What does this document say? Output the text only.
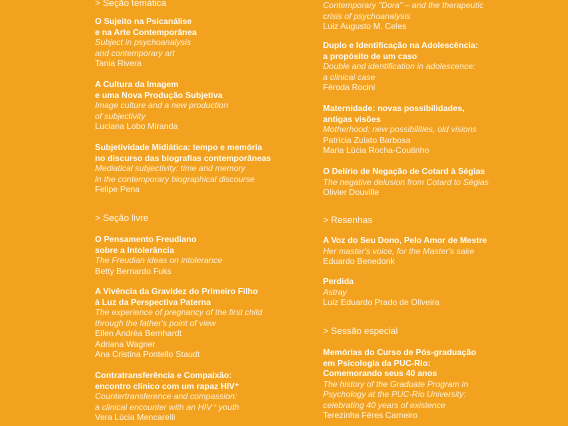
> Seção temática

O Sujeito na Psicanálise
e na Arte Contemporânea
Subject in psychoanalysis
and contemporary art
Tania Rivera
A Cultura da Imagem
e uma Nova Produção Subjetiva
Image culture and a new production
of subjectivity
Luciana Lobo Miranda
Subjetividade Midiática: tempo e memória
no discurso das biografias contemporâneas
Mediatical subjectivity: time and memory
in the contemporary biographical discourse
Felipe Pena

> Seção livre

O Pensamento Freudiano
sobre a Intolerância
The Freudian ideas on intolerance
Betty Bernardo Fuks
A Vivência da Gravidez do Primeiro Filho
à Luz da Perspectiva Paterna
The experience of pregnancy of the first child
through the father's point of view
Ellen Andréa Bernhardt
Adriana Wagner
Ana Cristina Pontello Staudt
Contratransferência e Compaixão:
encontro clínico com um rapaz HIV⁺
Countertransference and compassion:
a clinical encounter with an HIV⁺ youth
Vera Lúcia Mencarelli
Contemporary "Dora" – and the therapeutic
crisis of psychoanalysis
Luiz Augusto M. Celes
Duplo e Identificação na Adolescência:
a propósito de um caso
Double and identification in adolescence:
a clinical case
Féroda Rocini
Maternidade: novas possibilidades,
antigas visões
Motherhood: new possibilities, old visions
Patrícia Zulato Barbosa
Maria Lúcia Rocha-Coutinho
O Delírio de Negação de Cotard à Ségias
The negative delusion from Cotard to Ségias
Olivier Douville

> Resenhas

A Voz do Seu Dono, Pelo Amor de Mestre
Her master's voice, for the Master's sake
Eduardo Benedonk
Perdida
Astray
Luiz Eduardo Prado de Oliveira

> Sessão especial

Memórias do Curso de Pós-graduação
em Psicologia da PUC-Rio:
Comemorando seus 40 anos
The history of the Graduate Program in
Psychology at the PUC-Rio University:
celebrating 40 years of existence
Terezinha Féres Carneiro
